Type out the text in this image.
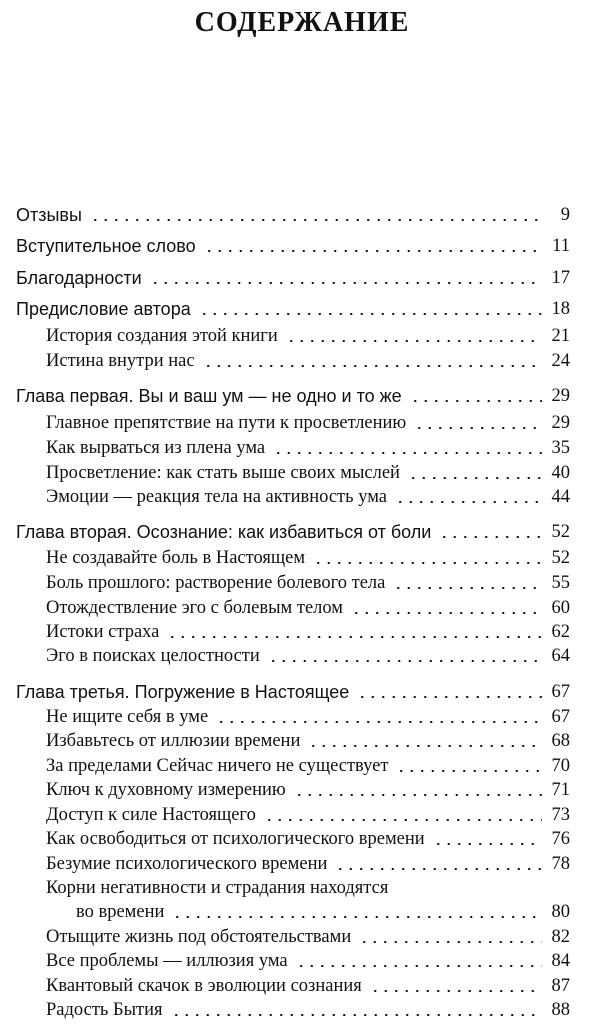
СОДЕРЖАНИЕ
Отзывы	9
Вступительное слово	11
Благодарности	17
Предисловие автора	18
История создания этой книги	21
Истина внутри нас	24
Глава первая. Вы и ваш ум — не одно и то же	29
Главное препятствие на пути к просветлению	29
Как вырваться из плена ума	35
Просветление: как стать выше своих мыслей	40
Эмоции — реакция тела на активность ума	44
Глава вторая. Осознание: как избавиться от боли	52
Не создавайте боль в Настоящем	52
Боль прошлого: растворение болевого тела	55
Отождествление эго с болевым телом	60
Истоки страха	62
Эго в поисках целостности	64
Глава третья. Погружение в Настоящее	67
Не ищите себя в уме	67
Избавьтесь от иллюзии времени	68
За пределами Сейчас ничего не существует	70
Ключ к духовному измерению	71
Доступ к силе Настоящего	73
Как освободиться от психологического времени	76
Безумие психологического времени	78
Корни негативности и страдания находятся
во времени	80
Отыщите жизнь под обстоятельствами	82
Все проблемы — иллюзия ума	84
Квантовый скачок в эволюции сознания	87
Радость Бытия	88
